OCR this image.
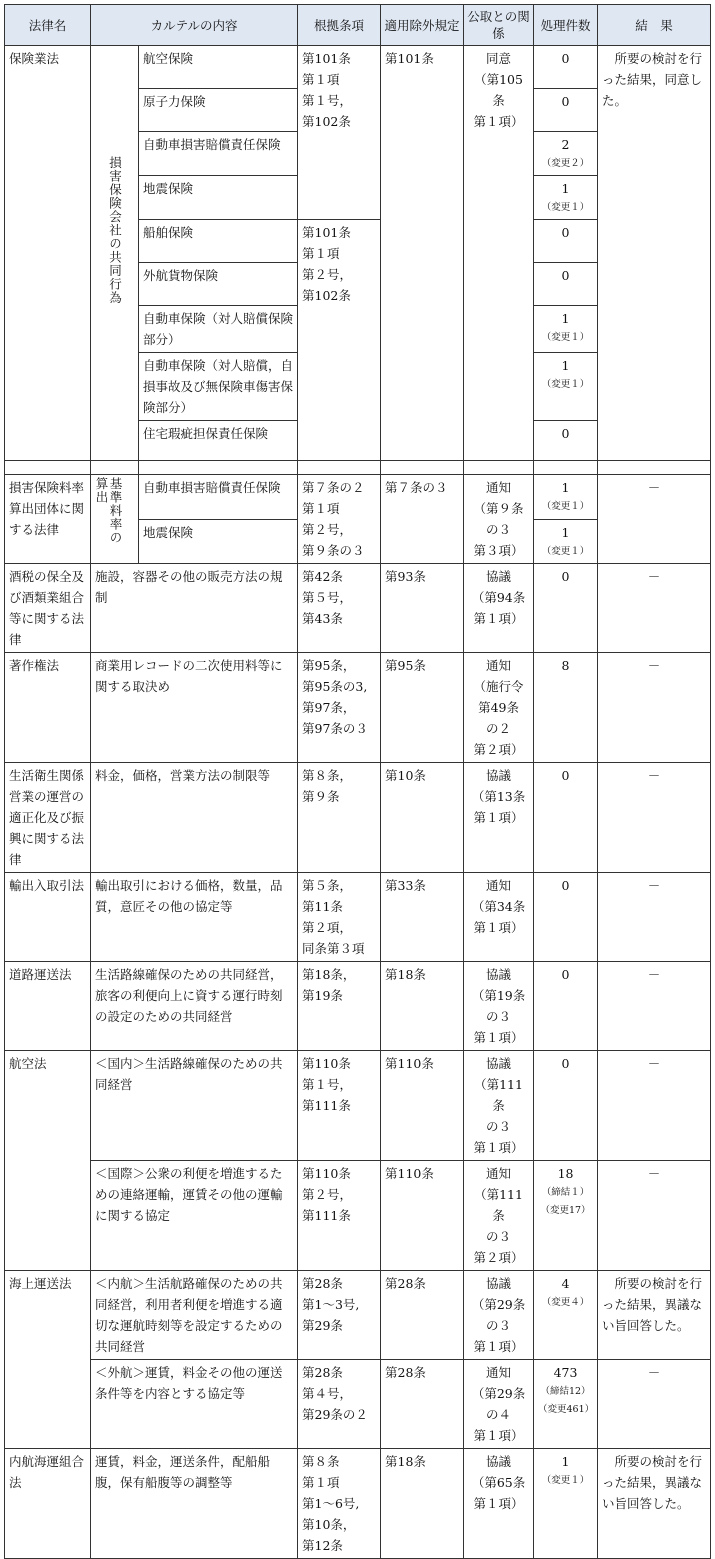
法律名	カルテルの内容		根拠条項	適用除外規定	公取との関係	処理件数	結　果
保険業法	損害保険会社の共同行為	航空保険	第101条
第１項
第１号，
第102条	第101条	同意
（第105条
第１項）	0	所要の検討を行った結果，同意した。
		原子力保険				0	

		自動車損害賠償責任保険				2
（変更２）	

		地震保険				1
（変更１）	

		船舶保険	第101条
第１項
第２号，
第102条			0	

		外航貨物保険				0	

		自動車保険（対人賠償保険部分）				1
（変更１）	

		自動車保険（対人賠償，自損事故及び無保険車傷害保険部分）				1
（変更１）	

		住宅瑕疵担保責任保険				0	

損害保険料率算出団体に関する法律	算出基準料率の	自動車損害賠償責任保険	第７条の２
第１項
第２号，
第９条の３	第７条の３	通知
（第９条
の３
第３項）	1
（変更１）	－
		地震保険				1
（変更１）	

酒税の保全及び酒類業組合等に関する法律	施設，容器その他の販売方法の規制		第42条
第５号，
第43条	第93条	協議
（第94条
第１項）	0	－
著作権法	商業用レコードの二次使用料等に関する取決め		第95条，
第95条の3,
第97条，
第97条の３	第95条	通知
（施行令
第49条
の２
第２項）	8	－
生活衛生関係営業の運営の適正化及び振興に関する法律	料金，価格，営業方法の制限等		第８条，
第９条	第10条	協議
（第13条
第１項）	0	－
輸出入取引法	輸出取引における価格，数量，品質，意匠その他の協定等		第５条，
第11条
第２項，
同条第３項	第33条	通知
（第34条
第１項）	0	－
道路運送法	生活路線確保のための共同経営，旅客の利便向上に資する運行時刻の設定のための共同経営		第18条，
第19条	第18条	協議
（第19条
の３
第１項）	0	－
航空法	＜国内＞生活路線確保のための共同経営		第110条
第１号，
第111条	第110条	協議
（第111条
の３
第１項）	0	－
	＜国際＞公衆の利便を増進するための連絡運輸，運賃その他の運輸に関する協定		第110条
第２号，
第111条	第110条	通知
（第111条
の３
第２項）	18
（締結１）
（変更17）	－
海上運送法	＜内航＞生活航路確保のための共同経営，利用者利便を増進する適切な運航時刻等を設定するための共同経営		第28条
第1～3号,
第29条	第28条	協議
（第29条
の３
第１項）	4
（変更４）	所要の検討を行った結果，異議ない旨回答した。
	＜外航＞運賃，料金その他の運送条件等を内容とする協定等		第28条
第４号，
第29条の２	第28条	通知
（第29条
の４
第１項）	473
（締結12）
（変更461）	－
内航海運組合法	運賃，料金，運送条件，配船船腹，保有船腹等の調整等		第８条
第１項
第1～6号,
第10条，
第12条	第18条	協議
（第65条
第１項）	1
（変更１）	所要の検討を行った結果，異議ない旨回答した。
